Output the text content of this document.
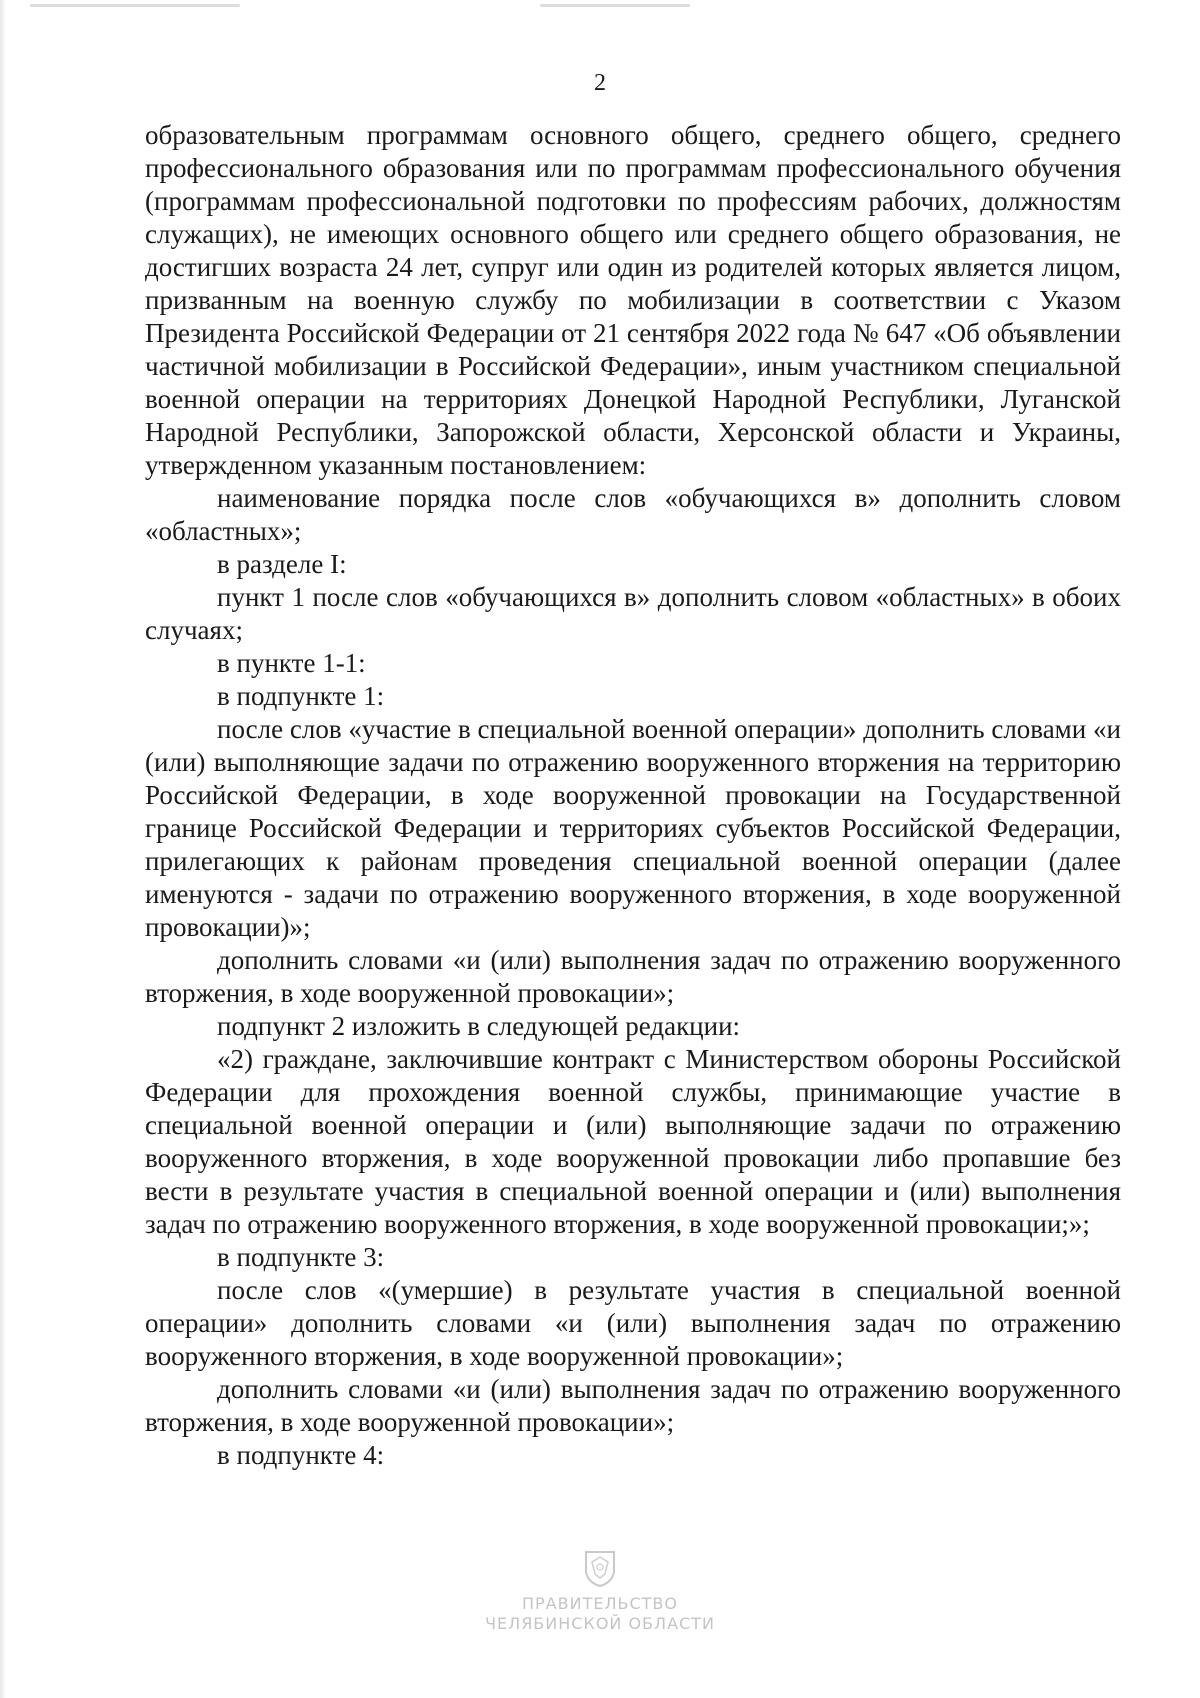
2

образовательным программам основного общего, среднего общего, среднего профессионального образования или по программам профессионального обучения (программам профессиональной подготовки по профессиям рабочих, должностям служащих), не имеющих основного общего или среднего общего образования, не достигших возраста 24 лет, супруг или один из родителей которых является лицом, призванным на военную службу по мобилизации в соответствии с Указом Президента Российской Федерации от 21 сентября 2022 года № 647 «Об объявлении частичной мобилизации в Российской Федерации», иным участником специальной военной операции на территориях Донецкой Народной Республики, Луганской Народной Республики, Запорожской области, Херсонской области и Украины, утвержденном указанным постановлением:

наименование порядка после слов «обучающихся в» дополнить словом «областных»;

в разделе I:

пункт 1 после слов «обучающихся в» дополнить словом «областных» в обоих случаях;

в пункте 1-1:

в подпункте 1:

после слов «участие в специальной военной операции» дополнить словами «и (или) выполняющие задачи по отражению вооруженного вторжения на территорию Российской Федерации, в ходе вооруженной провокации на Государственной границе Российской Федерации и территориях субъектов Российской Федерации, прилегающих к районам проведения специальной военной операции (далее именуются - задачи по отражению вооруженного вторжения, в ходе вооруженной провокации)»;

дополнить словами «и (или) выполнения задач по отражению вооруженного вторжения, в ходе вооруженной провокации»;

подпункт 2 изложить в следующей редакции:

«2) граждане, заключившие контракт с Министерством обороны Российской Федерации для прохождения военной службы, принимающие участие в специальной военной операции и (или) выполняющие задачи по отражению вооруженного вторжения, в ходе вооруженной провокации либо пропавшие без вести в результате участия в специальной военной операции и (или) выполнения задач по отражению вооруженного вторжения, в ходе вооруженной провокации;»;

в подпункте 3:

после слов «(умершие) в результате участия в специальной военной операции» дополнить словами «и (или) выполнения задач по отражению вооруженного вторжения, в ходе вооруженной провокации»;

дополнить словами «и (или) выполнения задач по отражению вооруженного вторжения, в ходе вооруженной провокации»;

в подпункте 4:

ПРАВИТЕЛЬСТВО
ЧЕЛЯБИНСКОЙ ОБЛАСТИ
